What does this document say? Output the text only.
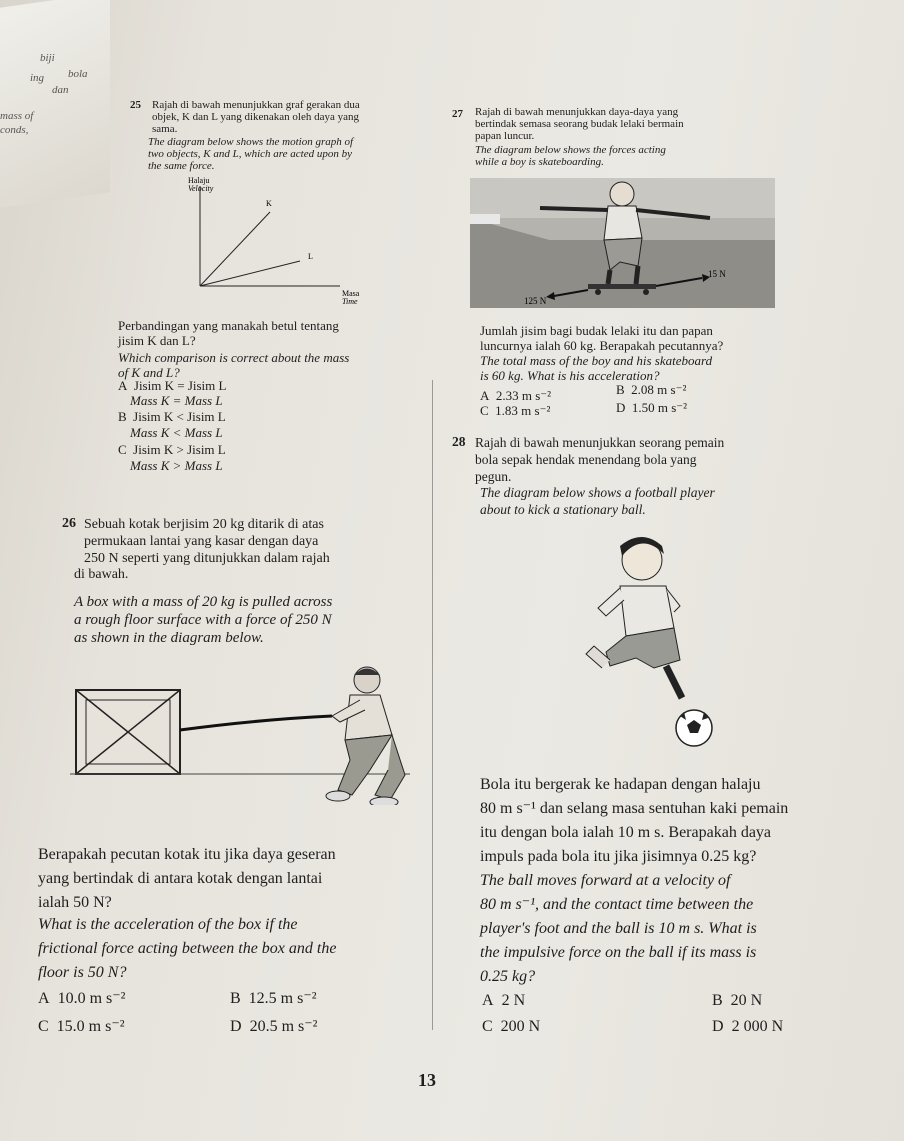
biji
bola
ing
dan
mass of
conds,
25 Rajah di bawah menunjukkan graf gerakan dua
objek, K dan L yang dikenakan oleh daya yang
sama.
The diagram below shows the motion graph of
two objects, K and L, which are acted upon by
the same force.
Halaju
Velocity
K
L
Masa
Time
Perbandingan yang manakah betul tentang
jisim K dan L?
Which comparison is correct about the mass
of K and L?
A Jisim K = Jisim L
Mass K = Mass L
B Jisim K < Jisim L
Mass K < Mass L
C Jisim K > Jisim L
Mass K > Mass L
26 Sebuah kotak berjisim 20 kg ditarik di atas
permukaan lantai yang kasar dengan daya
250 N seperti yang ditunjukkan dalam rajah
di bawah.
A box with a mass of 20 kg is pulled across
a rough floor surface with a force of 250 N
as shown in the diagram below.
Berapakah pecutan kotak itu jika daya geseran
yang bertindak di antara kotak dengan lantai
ialah 50 N?
What is the acceleration of the box if the
frictional force acting between the box and the
floor is 50 N?
A 10.0 m s⁻²	B 12.5 m s⁻²
C 15.0 m s⁻²	D 20.5 m s⁻²
27 Rajah di bawah menunjukkan daya-daya yang
bertindak semasa seorang budak lelaki bermain
papan luncur.
The diagram below shows the forces acting
while a boy is skateboarding.
15 N
125 N
Jumlah jisim bagi budak lelaki itu dan papan
luncurnya ialah 60 kg. Berapakah pecutannya?
The total mass of the boy and his skateboard
is 60 kg. What is his acceleration?
A 2.33 m s⁻²	B 2.08 m s⁻²
C 1.83 m s⁻²	D 1.50 m s⁻²
28 Rajah di bawah menunjukkan seorang pemain
bola sepak hendak menendang bola yang
pegun.
The diagram below shows a football player
about to kick a stationary ball.
Bola itu bergerak ke hadapan dengan halaju
80 m s⁻¹ dan selang masa sentuhan kaki pemain
itu dengan bola ialah 10 m s. Berapakah daya
impuls pada bola itu jika jisimnya 0.25 kg?
The ball moves forward at a velocity of
80 m s⁻¹, and the contact time between the
player's foot and the ball is 10 m s. What is
the impulsive force on the ball if its mass is
0.25 kg?
A 2 N	B 20 N
C 200 N	D 2 000 N
13
